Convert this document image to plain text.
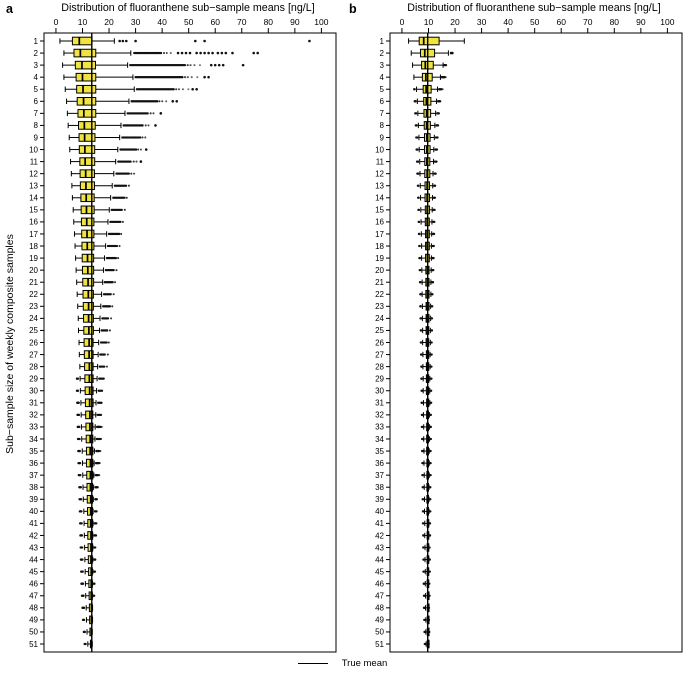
0 10 20 30 40 50 60 70 80 90 100
1
2
3
4
5
6
7
8
9
10
11
12
13
14
15
16
17
18
19
20
21
22
23
24
25
26
27
28
29
30
31
32
33
34
35
36
37
38
39
40
41
42
43
44
45
46
47
48
49
50
51
0 10 20 30 40 50 60 70 80 90 100
1
2
3
4
5
6
7
8
9
10
11
12
13
14
15
16
17
18
19
20
21
22
23
24
25
26
27
28
29
30
31
32
33
34
35
36
37
38
39
40
41
42
43
44
45
46
47
48
49
50
51
a	Distribution of fluoranthene sub−sample means [ng/L]	b	Distribution of fluoranthene sub−sample means [ng/L]
Sub−sample size of weekly composite samples
True mean
